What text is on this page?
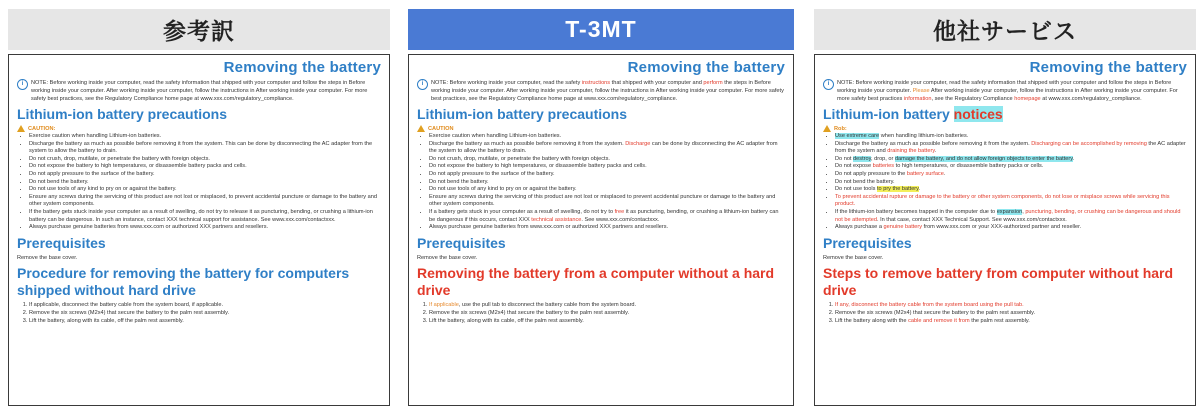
参考訳
Removing the battery
i	NOTE: Before working inside your computer, read the safety information that shipped with your computer and follow the steps in Before working inside your computer. After working inside your computer, follow the instructions in After working inside your computer. For more safety best practices, see the Regulatory Compliance home page at www.xxx.com/regulatory_compliance.
Lithium-ion battery precautions
CAUTION:
• Exercise caution when handling Lithium-ion batteries.
• Discharge the battery as much as possible before removing it from the system. This can be done by disconnecting the AC adapter from the system to allow the battery to drain.
• Do not crush, drop, mutilate, or penetrate the battery with foreign objects.
• Do not expose the battery to high temperatures, or disassemble battery packs and cells.
• Do not apply pressure to the surface of the battery.
• Do not bend the battery.
• Do not use tools of any kind to pry on or against the battery.
• Ensure any screws during the servicing of this product are not lost or misplaced, to prevent accidental puncture or damage to the battery and other system components.
• If the battery gets stuck inside your computer as a result of swelling, do not try to release it as puncturing, bending, or crushing a lithium-ion battery can be dangerous. In such an instance, contact XXX technical support for assistance. See www.xxx.com/contactxxx.
• Always purchase genuine batteries from www.xxx.com or authorized XXX partners and resellers.
Prerequisites
Remove the base cover.
Procedure for removing the battery for computers shipped without hard drive
1. If applicable, disconnect the battery cable from the system board, if applicable.
2. Remove the six screws (M2x4) that secure the battery to the palm rest assembly.
3. Lift the battery, along with its cable, off the palm rest assembly.
T-3MT
Removing the battery
i	NOTE: Before working inside your computer, read the safety instructions that shipped with your computer and perform the steps in Before working inside your computer. After working inside your computer, follow the instructions in After working inside your computer. For more safety best practices, see the Regulatory Compliance home page at www.xxx.com/regulatory_compliance.
Lithium-ion battery precautions
CAUTION
• Exercise caution when handling Lithium-ion batteries.
• Discharge the battery as much as possible before removing it from the system. Discharge can be done by disconnecting the AC adapter from the system to allow the battery to drain.
• Do not crush, drop, mutilate, or penetrate the battery with foreign objects.
• Do not expose the battery to high temperatures, or disassemble battery packs and cells.
• Do not apply pressure to the surface of the battery.
• Do not bend the battery.
• Do not use tools of any kind to pry on or against the battery.
• Ensure any screws during the servicing of this product are not lost or misplaced to prevent accidental puncture or damage to the battery and other system components.
• If a battery gets stuck in your computer as a result of swelling, do not try to free it as puncturing, bending, or crushing a lithium-ion battery can be dangerous if this occurs, contact XXX technical assistance. See www.xxx.com/contactxxx.
• Always purchase genuine batteries from www.xxx.com or authorized XXX partners and resellers.
Prerequisites
Remove the base cover.
Removing the battery from a computer without a hard drive
1. If applicable, use the pull tab to disconnect the battery cable from the system board.
2. Remove the six screws (M2x4) that secure the battery to the palm rest assembly.
3. Lift the battery, along with its cable, off the palm rest assembly.
他社サービス
Removing the battery
i	NOTE: Before working inside your computer, read the safety information that shipped with your computer and follow the steps in Before working inside your computer. Please After working inside your computer, follow the instructions in After working inside your computer. For more safety best practices information, see the Regulatory Compliance homepage at www.xxx.com/regulatory_compliance.
Lithium-ion battery notices
Rob:
• Use extreme care when handling lithium-ion batteries.
• Discharge the battery as much as possible before removing it from the system. Discharging can be accomplished by removing the AC adapter from the system and draining the battery.
• Do not destroy, drop, or damage the battery, and do not allow foreign objects to enter the battery.
• Do not expose batteries to high temperatures, or disassemble battery packs or cells.
• Do not apply pressure to the battery surface.
• Do not bend the battery.
• Do not use tools to pry the battery.
• To prevent accidental rupture or damage to the battery or other system components, do not lose or misplace screws while servicing this product.
• If the lithium-ion battery becomes trapped in the computer due to expansion, puncturing, bending, or crushing can be dangerous and should not be attempted. In that case, contact XXX Technical Support. See www.xxx.com/contactxxx.
• Always purchase a genuine battery from www.xxx.com or your XXX-authorized partner and reseller.
Prerequisites
Remove the base cover.
Steps to remove battery from computer without hard drive
1. If any, disconnect the battery cable from the system board using the pull tab.
2. Remove the six screws (M2x4) that secure the battery to the palm rest assembly.
3. Lift the battery along with the cable and remove it from the palm rest assembly.
